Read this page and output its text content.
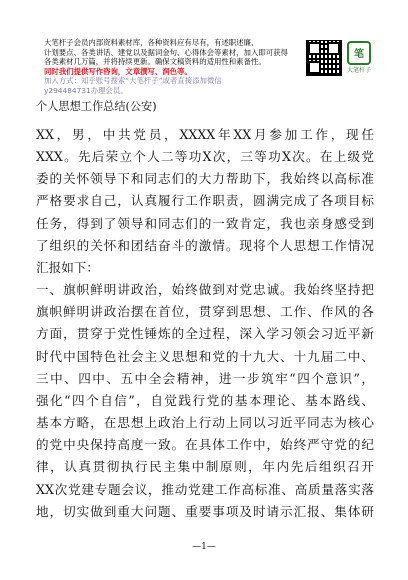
大笔杆子会员内部资料素材库，各种资料应有尽有，有述职述廉、
计划要点、各类讲话、建党以及据词金句、心得体会等素材，加入即可获得
各类素材几万篇，并将持续更新。确保文稿资料的适用性和素备性。
同时我们提供写作咨询，文章撰写、润色等。
加入方式：知乎账号搜索“大笔杆子”或者直接添加微信
y294484731办理会员。
笔
大笔杆子
个人思想工作总结(公安)
XX，男，中共党员，XXXX年XX月参加工作，现任
XXX。先后荣立个人二等功X次，三等功X次。在上级党
委的关怀领导下和同志们的大力帮助下，我始终以高标准
严格要求自己，认真履行工作职责，圆满完成了各项目标
任务，得到了领导和同志们的一致肯定，我也亲身感受到
了组织的关怀和团结奋斗的激情。现将个人思想工作情况
汇报如下：
一、旗帜鲜明讲政治，始终做到对党忠诚。我始终坚持把
旗帜鲜明讲政治摆在首位，贯穿到思想、工作、作风的各
方面，贯穿于党性锤炼的全过程，深入学习领会习近平新
时代中国特色社会主义思想和党的十九大、十九届二中、
三中、四中、五中全会精神，进一步筑牢“四个意识”，
强化“四个自信”，自觉践行党的基本理论、基本路线、
基本方略，在思想上政治上行动上同以习近平同志为核心
的党中央保持高度一致。在具体工作中，始终严守党的纪
律，认真贯彻执行民主集中制原则，年内先后组织召开
XX次党建专题会议，推动党建工作高标准、高质量落实落
地，切实做到重大问题、重要事项及时请示汇报、集体研
—1—
